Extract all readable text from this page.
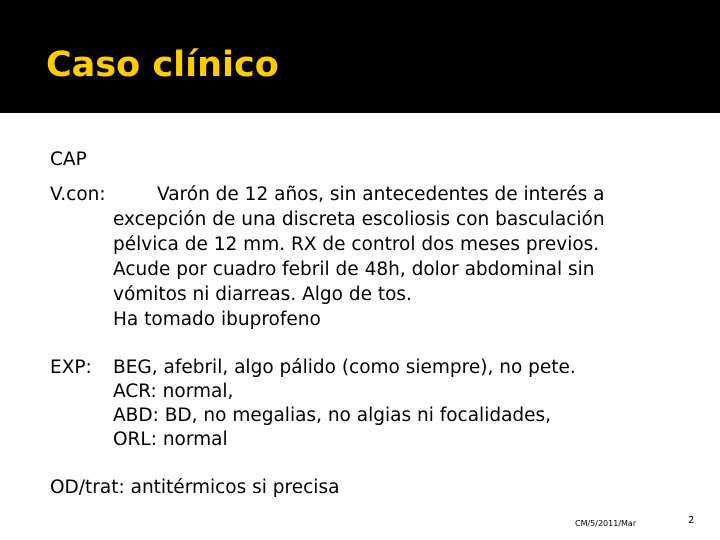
Caso clínico
CAP
V.con:	Varón de 12 años, sin antecedentes de interés a
excepción de una discreta escoliosis con basculación
pélvica de 12 mm. RX de control dos meses previos.
Acude por cuadro febril de 48h, dolor abdominal sin
vómitos ni diarreas. Algo de tos.
Ha tomado ibuprofeno
EXP: BEG, afebril, algo pálido (como siempre), no pete.
ACR: normal,
ABD: BD, no megalias, no algias ni focalidades,
ORL: normal
OD/trat: antitérmicos si precisa
CM/5/2011/Mar	2
